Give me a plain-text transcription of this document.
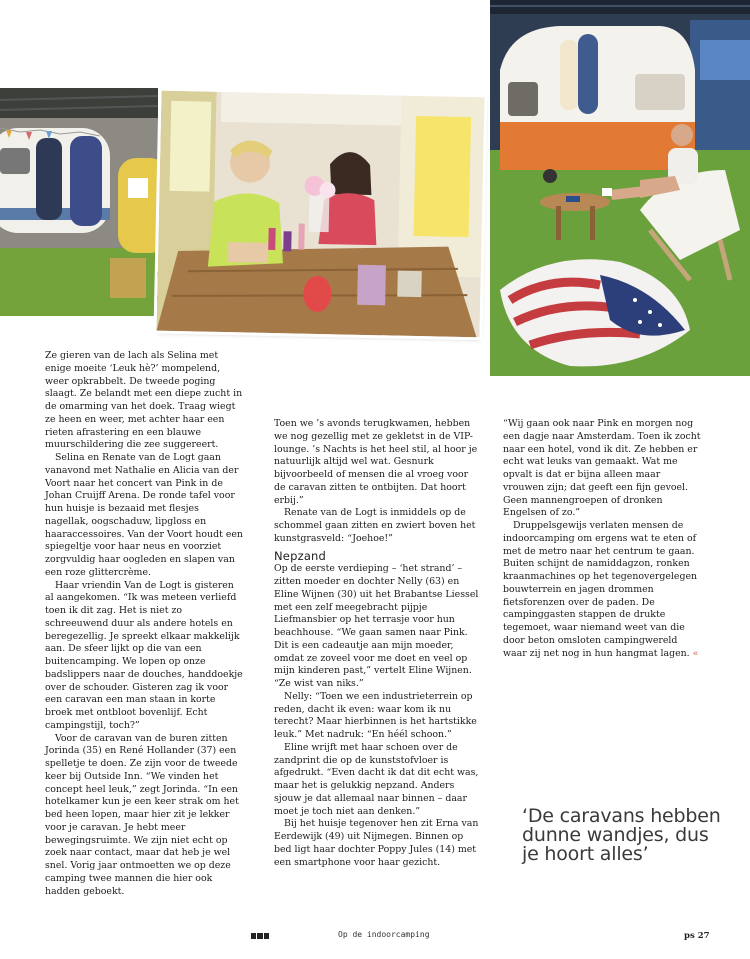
Ze gieren van de lach als Selina met enige moeite ‘Leuk hè?’ mompelend, weer opkrabbelt. De tweede poging slaagt. Ze belandt met een diepe zucht in de omarming van het doek. Traag wiegt ze heen en weer, met achter haar een rieten afrastering en een blauwe muurschildering die zee suggereert.

Selina en Renate van de Logt gaan vanavond met Nathalie en Alicia van der Voort naar het concert van Pink in de Johan Cruijff Arena. De ronde tafel voor hun huisje is bezaaid met flesjes nagellak, oogschaduw, lipgloss en haaraccessoires. Van der Voort houdt een spiegeltje voor haar neus en voorziet zorgvuldig haar oogleden en slapen van een roze glittercrème.

Haar vriendin Van de Logt is gisteren al aangekomen. “Ik was meteen verliefd toen ik dit zag. Het is niet zo schreeuwend duur als andere hotels en beregezellig. Je spreekt elkaar makkelijk aan. De sfeer lijkt op die van een buitencamping. We lopen op onze badslippers naar de douches, handdoekje over de schouder. Gisteren zag ik voor een caravan een man staan in korte broek met ontbloot bovenlijf. Echt campingstijl, toch?”

Voor de caravan van de buren zitten Jorinda (35) en René Hollander (37) een spelletje te doen. Ze zijn voor de tweede keer bij Outside Inn. “We vinden het concept heel leuk,” zegt Jorinda. “In een hotelkamer kun je een keer strak om het bed heen lopen, maar hier zit je lekker voor je caravan. Je hebt meer bewegingsruimte. We zijn niet echt op zoek naar contact, maar dat heb je wel snel. Vorig jaar ontmoetten we op deze camping twee mannen die hier ook hadden geboekt.

Toen we ’s avonds terugkwamen, hebben we nog gezellig met ze gekletst in de VIP-lounge. ’s Nachts is het heel stil, al hoor je natuurlijk altijd wel wat. Gesnurk bijvoorbeeld of mensen die al vroeg voor de caravan zitten te ontbijten. Dat hoort erbij.”

Renate van de Logt is inmiddels op de schommel gaan zitten en zwiert boven het kunstgrasveld: “Joehoe!”

Nepzand

Op de eerste verdieping – ‘het strand’ – zitten moeder en dochter Nelly (63) en Eline Wijnen (30) uit het Brabantse Liessel met een zelf meegebracht pijpje Liefmansbier op het terrasje voor hun beachhouse. “We gaan samen naar Pink. Dit is een cadeautje aan mijn moeder, omdat ze zoveel voor me doet en veel op mijn kinderen past,” vertelt Eline Wijnen. “Ze wist van niks.”

Nelly: “Toen we een industrieterrein op reden, dacht ik even: waar kom ik nu terecht? Maar hierbinnen is het hartstikke leuk.” Met nadruk: “En héél schoon.”

Eline wrijft met haar schoen over de zandprint die op de kunststofvloer is afgedrukt. “Even dacht ik dat dit echt was, maar het is gelukkig nepzand. Anders sjouw je dat allemaal naar binnen – daar moet je toch niet aan denken.”

Bij het huisje tegenover hen zit Erna van Eerdewijk (49) uit Nijmegen. Binnen op bed ligt haar dochter Poppy Jules (14) met een smartphone voor haar gezicht.

“Wij gaan ook naar Pink en morgen nog een dagje naar Amsterdam. Toen ik zocht naar een hotel, vond ik dit. Ze hebben er echt wat leuks van gemaakt. Wat me opvalt is dat er bijna alleen maar vrouwen zijn; dat geeft een fijn gevoel. Geen mannengroepen of dronken Engelsen of zo.”

Druppelsgewijs verlaten mensen de indoorcamping om ergens wat te eten of met de metro naar het centrum te gaan. Buiten schijnt de namiddagzon, ronken kraanmachines op het tegenovergelegen bouwterrein en jagen drommen fietsforenzen over de paden. De campinggasten stappen de drukte tegemoet, waar niemand weet van die door beton omsloten campingwereld waar zij net nog in hun hangmat lagen. «

‘De caravans hebben dunne wandjes, dus je hoort alles’
Op de indoorcamping	ps 27
